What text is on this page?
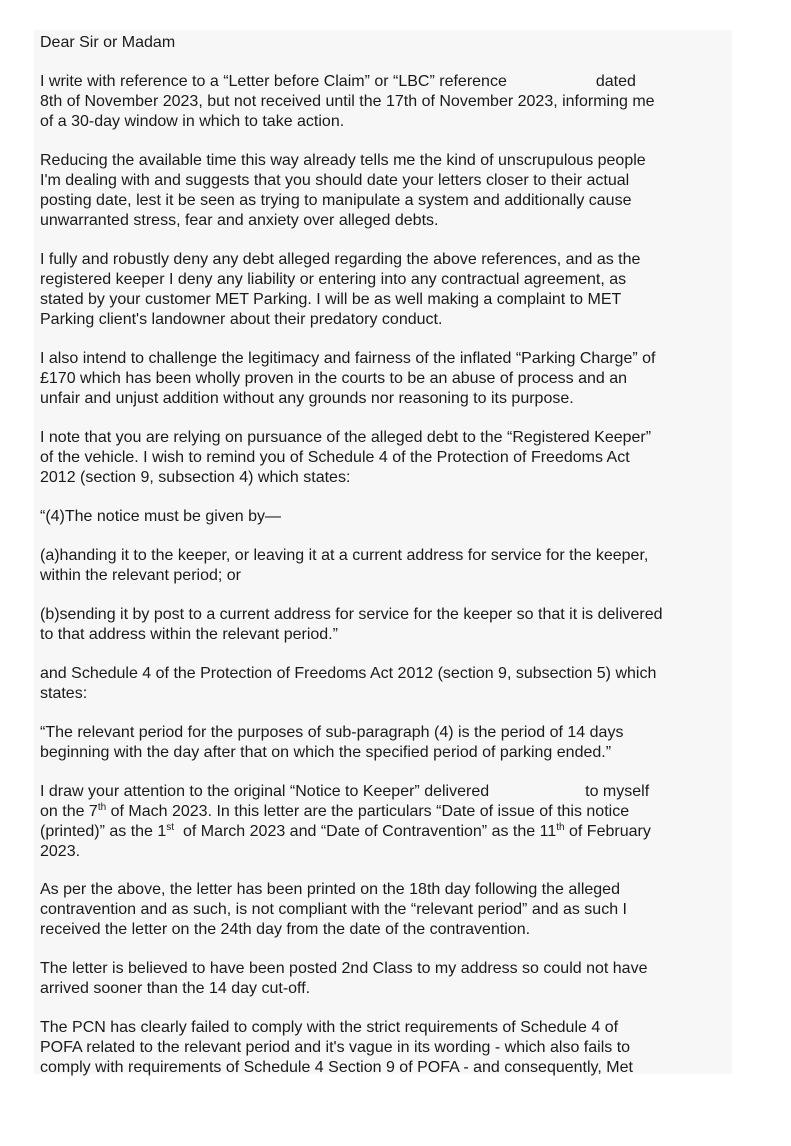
Dear Sir or Madam
I write with reference to a “Letter before Claim” or “LBC” reference	dated
8th of November 2023, but not received until the 17th of November 2023, informing me
of a 30-day window in which to take action.
Reducing the available time this way already tells me the kind of unscrupulous people
I'm dealing with and suggests that you should date your letters closer to their actual
posting date, lest it be seen as trying to manipulate a system and additionally cause
unwarranted stress, fear and anxiety over alleged debts.
I fully and robustly deny any debt alleged regarding the above references, and as the
registered keeper I deny any liability or entering into any contractual agreement, as
stated by your customer MET Parking. I will be as well making a complaint to MET
Parking client's landowner about their predatory conduct.
I also intend to challenge the legitimacy and fairness of the inflated “Parking Charge” of
£170 which has been wholly proven in the courts to be an abuse of process and an
unfair and unjust addition without any grounds nor reasoning to its purpose.
I note that you are relying on pursuance of the alleged debt to the “Registered Keeper”
of the vehicle. I wish to remind you of Schedule 4 of the Protection of Freedoms Act
2012 (section 9, subsection 4) which states:
“(4)The notice must be given by—
(a)handing it to the keeper, or leaving it at a current address for service for the keeper,
within the relevant period; or
(b)sending it by post to a current address for service for the keeper so that it is delivered
to that address within the relevant period.”
and Schedule 4 of the Protection of Freedoms Act 2012 (section 9, subsection 5) which
states:
“The relevant period for the purposes of sub-paragraph (4) is the period of 14 days
beginning with the day after that on which the specified period of parking ended.”
I draw your attention to the original “Notice to Keeper” delivered	to myself
on the 7th of Mach 2023. In this letter are the particulars “Date of issue of this notice
(printed)” as the 1st  of March 2023 and “Date of Contravention” as the 11th of February
2023.
As per the above, the letter has been printed on the 18th day following the alleged
contravention and as such, is not compliant with the “relevant period” and as such I
received the letter on the 24th day from the date of the contravention.
The letter is believed to have been posted 2nd Class to my address so could not have
arrived sooner than the 14 day cut-off.
The PCN has clearly failed to comply with the strict requirements of Schedule 4 of
POFA related to the relevant period and it's vague in its wording - which also fails to
comply with requirements of Schedule 4 Section 9 of POFA - and consequently, Met
